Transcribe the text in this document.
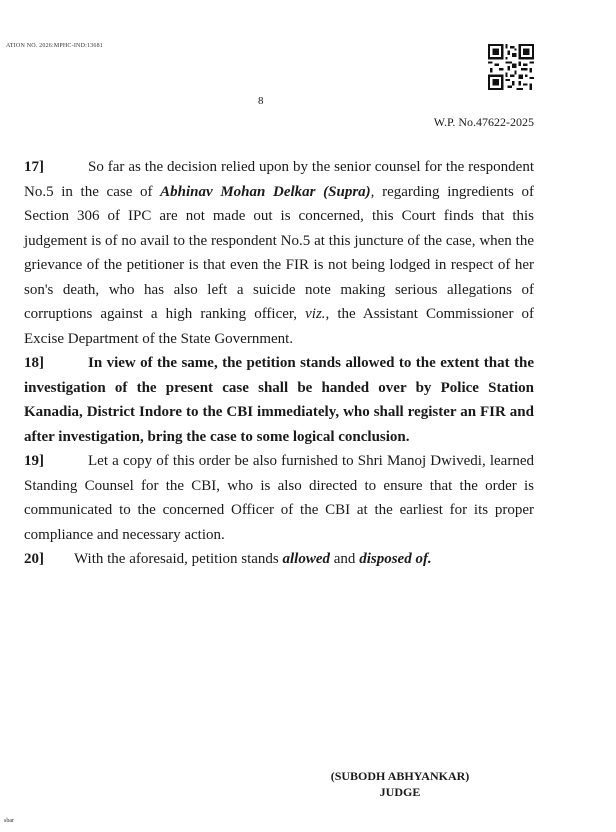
ATION NO. 2026:MPHC-IND:13681
8
W.P. No.47622-2025

17]	So far as the decision relied upon by the senior counsel for the respondent No.5 in the case of Abhinav Mohan Delkar (Supra), regarding ingredients of Section 306 of IPC are not made out is concerned, this Court finds that this judgement is of no avail to the respondent No.5 at this juncture of the case, when the grievance of the petitioner is that even the FIR is not being lodged in respect of her son's death, who has also left a suicide note making serious allegations of corruptions against a high ranking officer, viz., the Assistant Commissioner of Excise Department of the State Government.

18]	In view of the same, the petition stands allowed to the extent that the investigation of the present case shall be handed over by Police Station Kanadia, District Indore to the CBI immediately, who shall register an FIR and after investigation, bring the case to some logical conclusion.

19]	Let a copy of this order be also furnished to Shri Manoj Dwivedi, learned Standing Counsel for the CBI, who is also directed to ensure that the order is communicated to the concerned Officer of the CBI at the earliest for its proper compliance and necessary action.

20] With the aforesaid, petition stands allowed and disposed of.

(SUBODH ABHYANKAR)
JUDGE
sbar
